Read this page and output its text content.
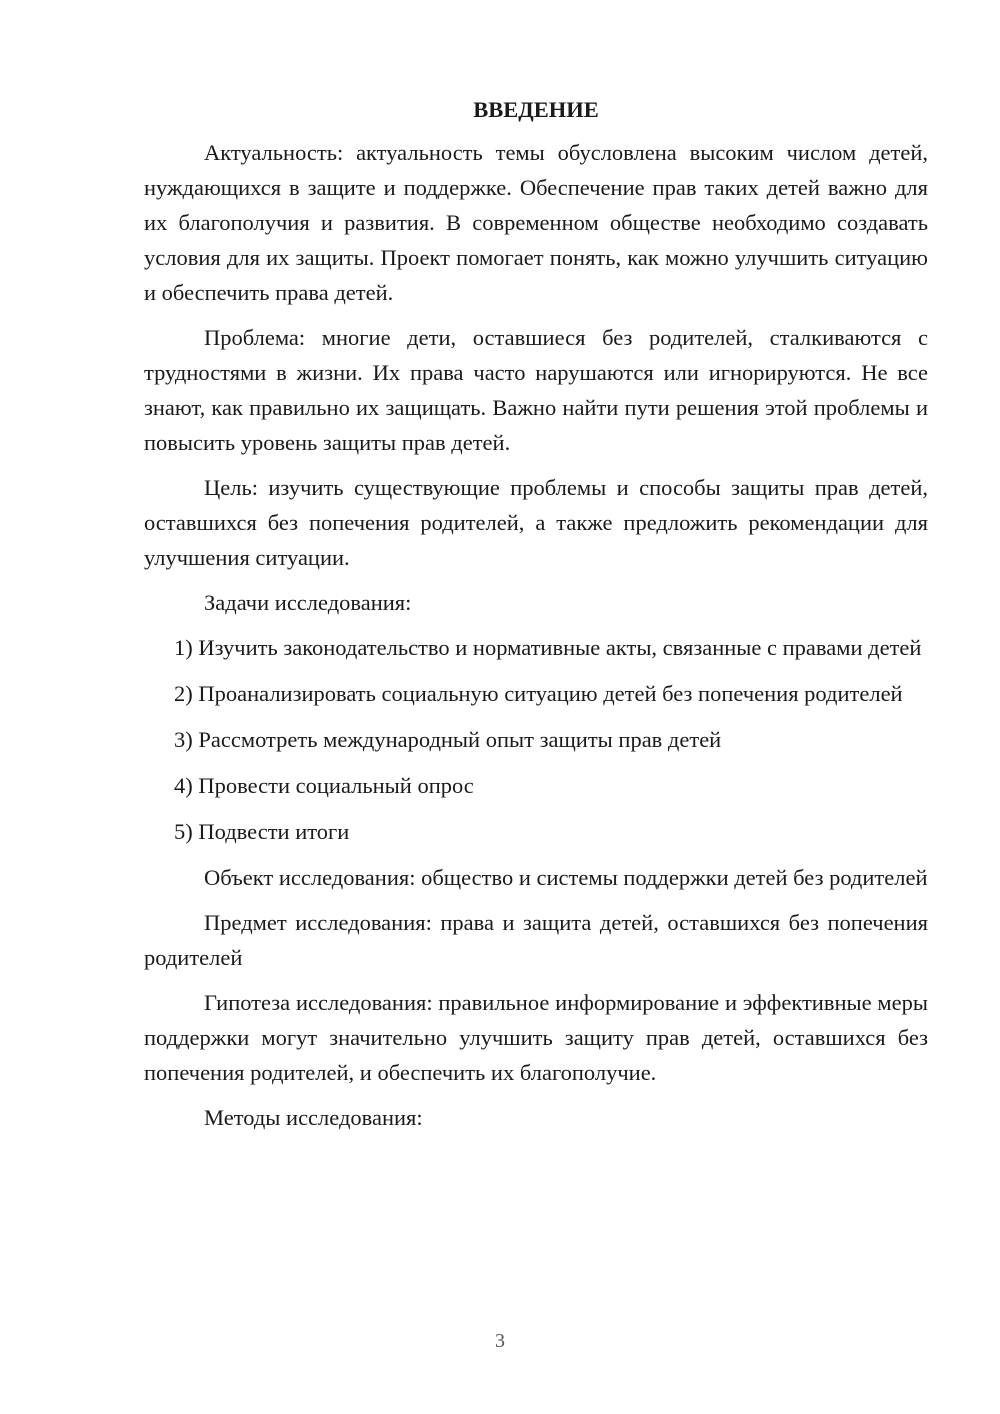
ВВЕДЕНИЕ

Актуальность: актуальность темы обусловлена высоким числом детей, нуждающихся в защите и поддержке. Обеспечение прав таких детей важно для их благополучия и развития. В современном обществе необходимо создавать условия для их защиты. Проект помогает понять, как можно улучшить ситуацию и обеспечить права детей.

Проблема: многие дети, оставшиеся без родителей, сталкиваются с трудностями в жизни. Их права часто нарушаются или игнорируются. Не все знают, как правильно их защищать. Важно найти пути решения этой проблемы и повысить уровень защиты прав детей.

Цель: изучить существующие проблемы и способы защиты прав детей, оставшихся без попечения родителей, а также предложить рекомендации для улучшения ситуации.

Задачи исследования:

1) Изучить законодательство и нормативные акты, связанные с правами детей

2) Проанализировать социальную ситуацию детей без попечения родителей

3) Рассмотреть международный опыт защиты прав детей

4) Провести социальный опрос

5) Подвести итоги

Объект исследования: общество и системы поддержки детей без родителей

Предмет исследования: права и защита детей, оставшихся без попечения родителей

Гипотеза исследования: правильное информирование и эффективные меры поддержки могут значительно улучшить защиту прав детей, оставшихся без попечения родителей, и обеспечить их благополучие.

Методы исследования:

3
